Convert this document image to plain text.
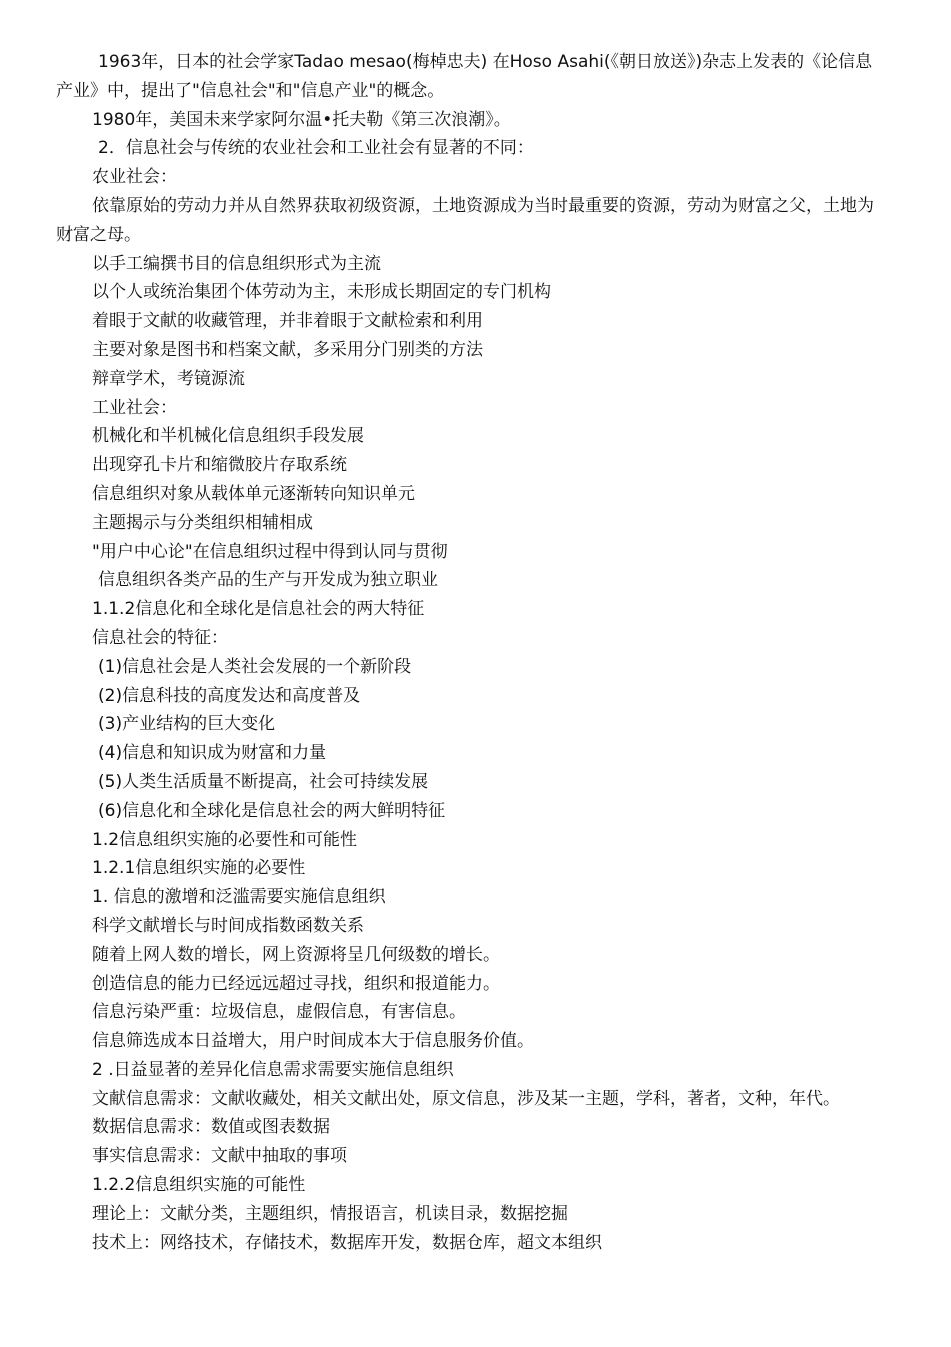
1963年，日本的社会学家Tadao mesao(梅棹忠夫) 在Hoso Asahi(《朝日放送》)杂志上发表的《论信息产业》中，提出了"信息社会"和"信息产业"的概念。

1980年，美国未来学家阿尔温•托夫勒《第三次浪潮》。

2．信息社会与传统的农业社会和工业社会有显著的不同：

农业社会：

依靠原始的劳动力并从自然界获取初级资源，土地资源成为当时最重要的资源，劳动为财富之父，土地为财富之母。

以手工编撰书目的信息组织形式为主流

以个人或统治集团个体劳动为主，未形成长期固定的专门机构

着眼于文献的收藏管理，并非着眼于文献检索和利用

主要对象是图书和档案文献，多采用分门别类的方法

辩章学术，考镜源流

工业社会：

机械化和半机械化信息组织手段发展

出现穿孔卡片和缩微胶片存取系统

信息组织对象从载体单元逐渐转向知识单元

主题揭示与分类组织相辅相成

"用户中心论"在信息组织过程中得到认同与贯彻

信息组织各类产品的生产与开发成为独立职业

1.1.2信息化和全球化是信息社会的两大特征

信息社会的特征：

(1)信息社会是人类社会发展的一个新阶段

(2)信息科技的高度发达和高度普及

(3)产业结构的巨大变化

(4)信息和知识成为财富和力量

(5)人类生活质量不断提高，社会可持续发展

(6)信息化和全球化是信息社会的两大鲜明特征

1.2信息组织实施的必要性和可能性

1.2.1信息组织实施的必要性

1. 信息的激增和泛滥需要实施信息组织

科学文献增长与时间成指数函数关系

随着上网人数的增长，网上资源将呈几何级数的增长。

创造信息的能力已经远远超过寻找，组织和报道能力。

信息污染严重：垃圾信息，虚假信息，有害信息。

信息筛选成本日益增大，用户时间成本大于信息服务价值。

2 .日益显著的差异化信息需求需要实施信息组织

文献信息需求：文献收藏处，相关文献出处，原文信息，涉及某一主题，学科，著者，文种，年代。

数据信息需求：数值或图表数据

事实信息需求：文献中抽取的事项

1.2.2信息组织实施的可能性

理论上：文献分类，主题组织，情报语言，机读目录，数据挖掘

技术上：网络技术，存储技术，数据库开发，数据仓库，超文本组织
